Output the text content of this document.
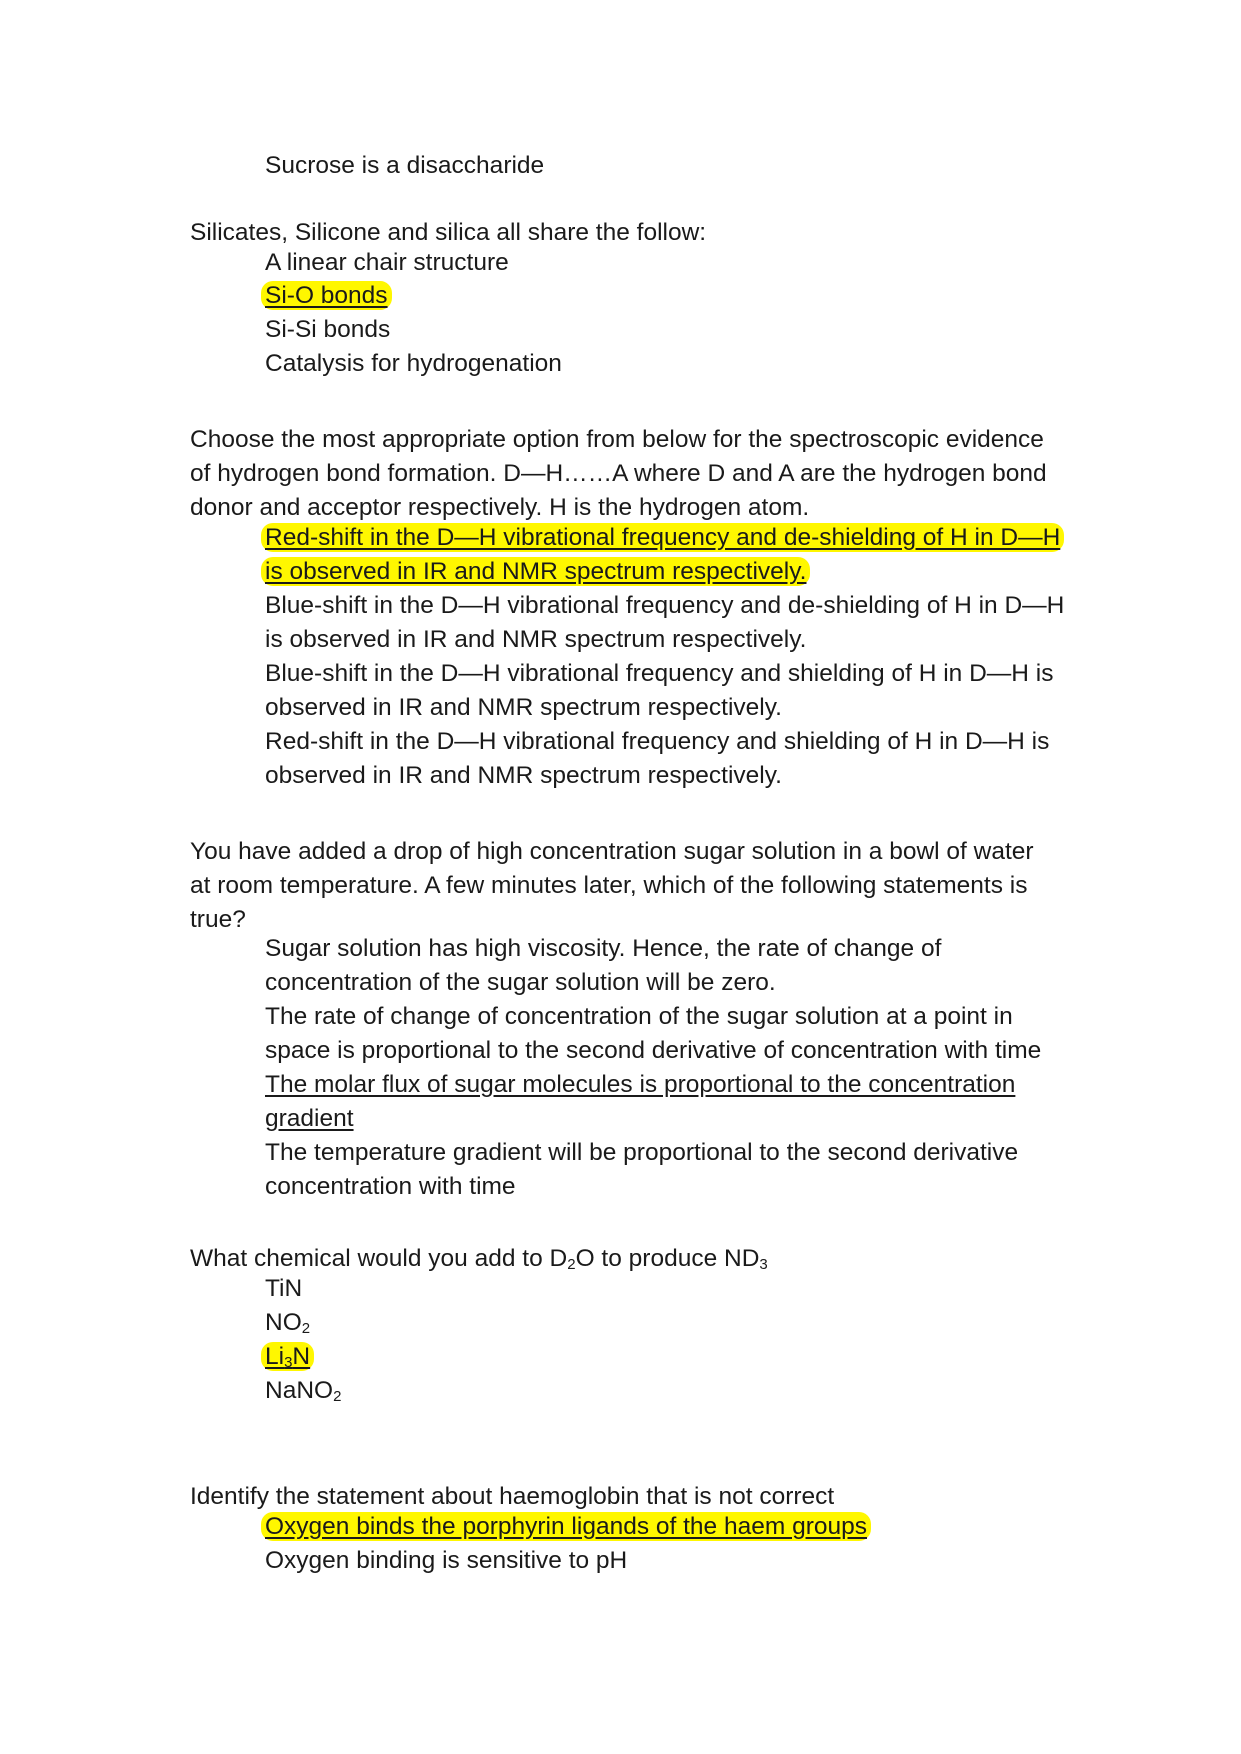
Sucrose is a disaccharide
Silicates, Silicone and silica all share the follow:
A linear chair structure
Si-O bonds
Si-Si bonds
Catalysis for hydrogenation
Choose the most appropriate option from below for the spectroscopic evidence
of hydrogen bond formation. D—H……A where D and A are the hydrogen bond
donor and acceptor respectively. H is the hydrogen atom.
Red-shift in the D—H vibrational frequency and de-shielding of H in D—H
is observed in IR and NMR spectrum respectively.
Blue-shift in the D—H vibrational frequency and de-shielding of H in D—H
is observed in IR and NMR spectrum respectively.
Blue-shift in the D—H vibrational frequency and shielding of H in D—H is
observed in IR and NMR spectrum respectively.
Red-shift in the D—H vibrational frequency and shielding of H in D—H is
observed in IR and NMR spectrum respectively.
You have added a drop of high concentration sugar solution in a bowl of water
at room temperature. A few minutes later, which of the following statements is
true?
Sugar solution has high viscosity. Hence, the rate of change of
concentration of the sugar solution will be zero.
The rate of change of concentration of the sugar solution at a point in
space is proportional to the second derivative of concentration with time
The molar flux of sugar molecules is proportional to the concentration
gradient
The temperature gradient will be proportional to the second derivative
concentration with time
What chemical would you add to $D_2O$ to produce $ND_3$
TiN
$NO_2$
$Li_3N$
NaNO$_2$
Identify the statement about haemoglobin that is not correct
Oxygen binds the porphyrin ligands of the haem groups
Oxygen binding is sensitive to pH
